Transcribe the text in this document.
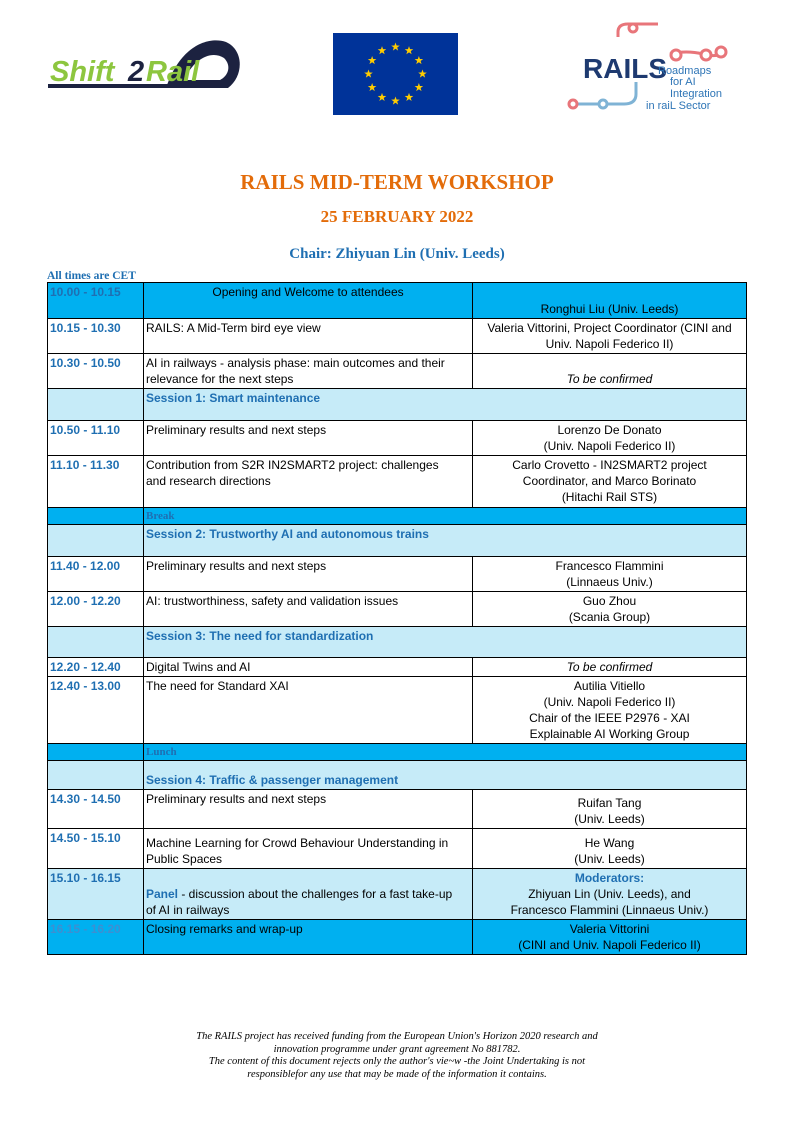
Shift 2 Rail	RAILS
Roadmaps
for AI
Integration
in raiL Sector
RAILS MID-TERM WORKSHOP
25 FEBRUARY 2022
Chair: Zhiyuan Lin (Univ. Leeds)
All times are CET
10.00 - 10.15	Opening and Welcome to attendees	Ronghui Liu (Univ. Leeds)
10.15 - 10.30	RAILS: A Mid-Term bird eye view	Valeria Vittorini, Project Coordinator (CINI and
Univ. Napoli Federico II)
10.30 - 10.50	AI in railways - analysis phase: main outcomes and their
relevance for the next steps	To be confirmed
	Session 1: Smart maintenance	
10.50 - 11.10	Preliminary results and next steps	Lorenzo De Donato
(Univ. Napoli Federico II)
11.10 - 11.30	Contribution from S2R IN2SMART2 project: challenges
and research directions	Carlo Crovetto - IN2SMART2 project
Coordinator, and Marco Borinato
(Hitachi Rail STS)
	Break	
	Session 2: Trustworthy AI and autonomous trains	
11.40 - 12.00	Preliminary results and next steps	Francesco Flammini
(Linnaeus Univ.)
12.00 - 12.20	AI: trustworthiness, safety and validation issues	Guo Zhou
(Scania Group)
	Session 3: The need for standardization	
12.20 - 12.40	Digital Twins and AI	To be confirmed
12.40 - 13.00	The need for Standard XAI	Autilia Vitiello
(Univ. Napoli Federico II)
Chair of the IEEE P2976 - XAI
Explainable AI Working Group
	Lunch	
	Session 4: Traffic & passenger management	
14.30 - 14.50	Preliminary results and next steps	Ruifan Tang
(Univ. Leeds)
14.50 - 15.10	Machine Learning for Crowd Behaviour Understanding in
Public Spaces	He Wang
(Univ. Leeds)
15.10 - 16.15	Panel - discussion about the challenges for a fast take-up
of AI in railways	Moderators:
Zhiyuan Lin (Univ. Leeds), and
Francesco Flammini (Linnaeus Univ.)
16.15 - 16.20	Closing remarks and wrap-up	Valeria Vittorini
(CINI and Univ. Napoli Federico II)
The RAILS project has received funding from the European Union's Horizon 2020 research and
innovation programme under grant agreement No 881782.
The content of this document rejects only the author's vie~w -the Joint Undertaking is not
responsiblefor any use that may be made of the information it contains.
